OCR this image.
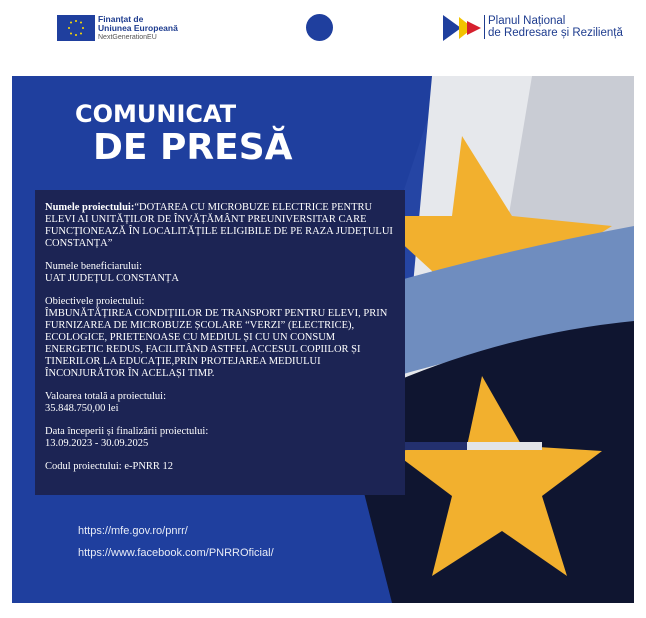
Finanțat de
Uniunea Europeană
NextGenerationEU
Planul Național
de Redresare și Reziliență
COMUNICAT
DE PRESĂ

Numele proiectului:“DOTAREA CU MICROBUZE ELECTRICE PENTRU ELEVI AI UNITĂȚILOR DE ÎNVĂȚĂMÂNT PREUNIVERSITAR CARE FUNCȚIONEAZĂ ÎN LOCALITĂȚILE ELIGIBILE DE PE RAZA JUDEȚULUI CONSTANȚA”

Numele beneficiarului:
UAT JUDEȚUL CONSTANȚA

Obiectivele proiectului:
ÎMBUNĂTĂȚIREA CONDIȚIILOR DE TRANSPORT PENTRU ELEVI, PRIN FURNIZAREA DE MICROBUZE ȘCOLARE “VERZI” (ELECTRICE), ECOLOGICE, PRIETENOASE CU MEDIUL ȘI CU UN CONSUM ENERGETIC REDUS, FACILITÂND ASTFEL ACCESUL COPIILOR ȘI TINERILOR LA EDUCAȚIE,PRIN PROTEJAREA MEDIULUI ÎNCONJURĂTOR ÎN ACELAȘI TIMP.

Valoarea totală a proiectului:
35.848.750,00 lei

Data începerii și finalizării proiectului:
13.09.2023 - 30.09.2025

Codul proiectului: e-PNRR 12

https://mfe.gov.ro/pnrr/
https://www.facebook.com/PNRROficial/
